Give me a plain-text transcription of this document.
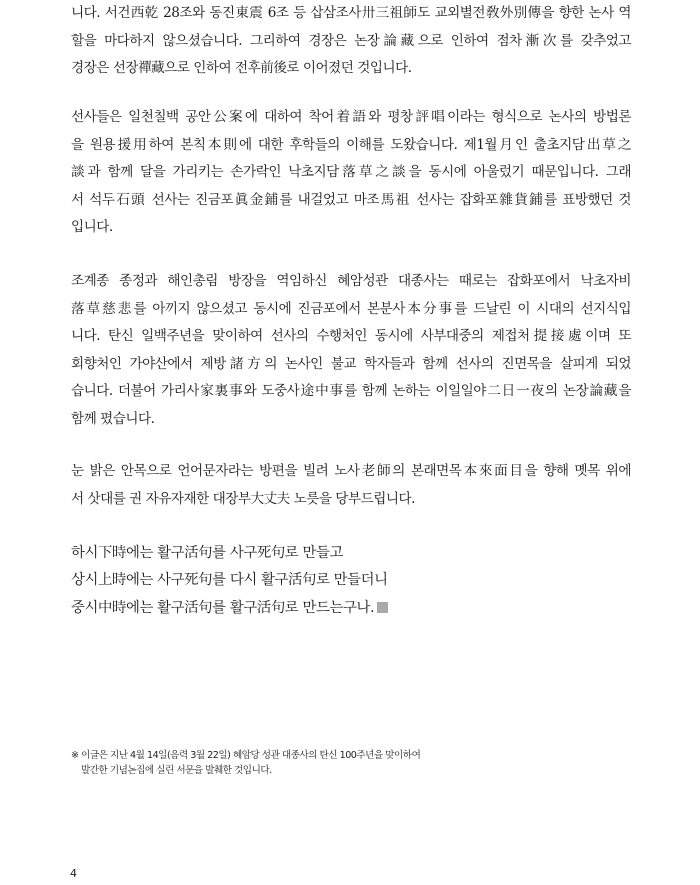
니다. 서건西乾 28조와 동진東震 6조 등 삽삼조사卅三祖師도 교외별전敎外別傳을 향한 논사 역
할을 마다하지 않으셨습니다. 그리하여 경장은 논장論藏으로 인하여 점차漸次를 갖추었고
경장은 선장禪藏으로 인하여 전후前後로 이어졌던 것입니다.
선사들은 일천칠백 공안公案에 대하여 착어着語와 평창評唱이라는 형식으로 논사의 방법론
을 원용援用하여 본칙本則에 대한 후학들의 이해를 도왔습니다. 제1월月인 출초지담出草之
談과 함께 달을 가리키는 손가락인 낙초지담落草之談을 동시에 아울렀기 때문입니다. 그래
서 석두石頭 선사는 진금포眞金鋪를 내걸었고 마조馬祖 선사는 잡화포雜貨鋪를 표방했던 것
입니다.
조계종 종정과 해인총림 방장을 역임하신 혜암성관 대종사는 때로는 잡화포에서 낙초자비
落草慈悲를 아끼지 않으셨고 동시에 진금포에서 본분사本分事를 드날린 이 시대의 선지식입
니다. 탄신 일백주년을 맞이하여 선사의 수행처인 동시에 사부대중의 제접처提接處이며 또
회향처인 가야산에서 제방諸方의 논사인 불교 학자들과 함께 선사의 진면목을 살피게 되었
습니다. 더불어 가리사家裏事와 도중사途中事를 함께 논하는 이일일야二日一夜의 논장論藏을
함께 폈습니다.
눈 밝은 안목으로 언어문자라는 방편을 빌려 노사老師의 본래면목本來面目을 향해 몟목 위에
서 삿대를 권 자유자재한 대장부大丈夫 노릇을 당부드립니다.
하시下時에는 활구活句를 사구死句로 만들고
상시上時에는 사구死句를 다시 활구活句로 만들더니
중시中時에는 활구活句를 활구活句로 만드는구나.
※ 이글은 지난 4월 14일(음력 3월 22일) 혜암당 성관 대종사의 탄신 100주년을 맞이하여
발간한 기념논집에 실린 서문을 발췌한 것입니다.
4
